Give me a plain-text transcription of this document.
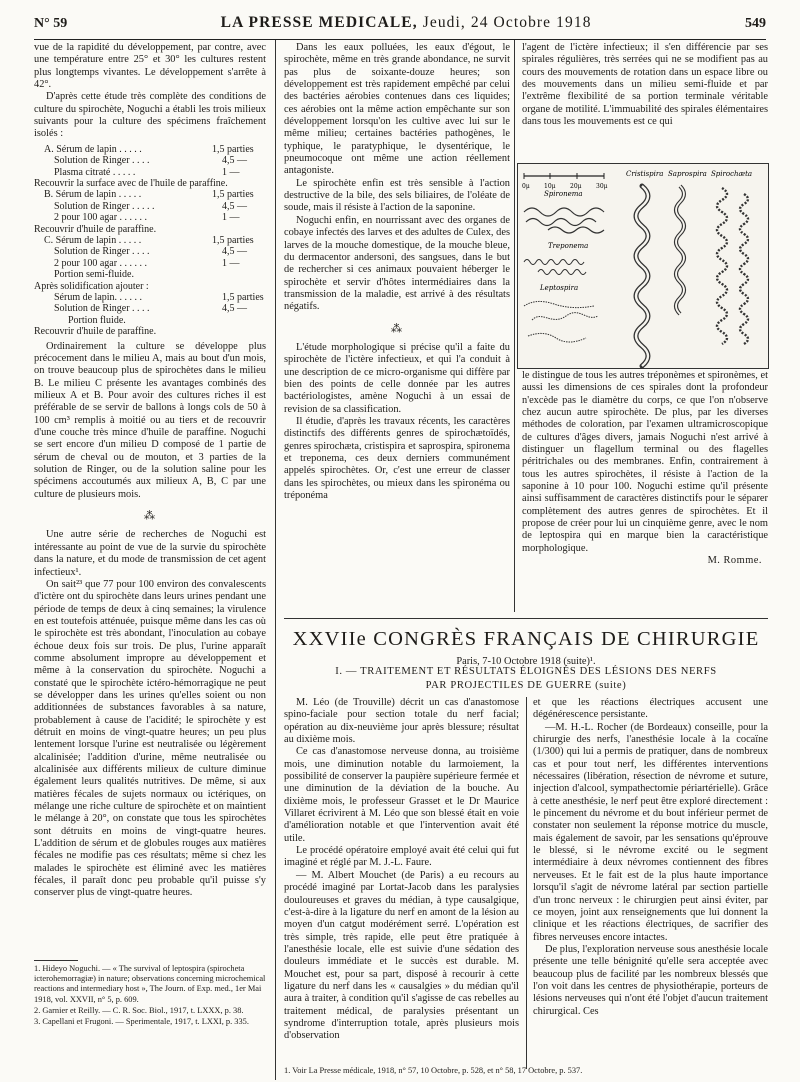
N° 59	LA PRESSE MEDICALE, Jeudi, 24 Octobre 1918	549

vue de la rapidité du développement, par contre, avec une température entre 25° et 30° les cultures restent plus longtemps vivantes. Le développement s'arrête à 42°.

D'après cette étude très complète des conditions de culture du spirochète, Noguchi a établi les trois milieux suivants pour la culture des spécimens fraîchement isolés :

A. Sérum de lapin . . . . .	1,5 parties
Solution de Ringer . . . .	4,5 —
Plasma citraté . . . . .	1 —
Recouvrir la surface avec de l'huile de paraffine.
B. Sérum de lapin . . . . .	1,5 parties
Solution de Ringer . . . . .	4,5 —
2 pour 100 agar . . . . . .	1 —
Recouvrir d'huile de paraffine.
C. Sérum de lapin . . . . .	1,5 parties
Solution de Ringer . . . .	4,5 —
2 pour 100 agar . . . . . .	1 —
Portion semi-fluide.
Après solidification ajouter :
Sérum de lapin. . . . . .	1,5 parties
Solution de Ringer . . . .	4,5 —
Portion fluide.
Recouvrir d'huile de paraffine.

Ordinairement la culture se développe plus précocement dans le milieu A, mais au bout d'un mois, on trouve beaucoup plus de spirochètes dans le milieu B. Le milieu C présente les avantages combinés des milieux A et B. Pour avoir des cultures riches il est préférable de se servir de ballons à longs cols de 50 à 100 cm³ remplis à moitié ou au tiers et de recouvrir d'une couche très mince d'huile de paraffine. Noguchi se sert encore d'un milieu D composé de 1 partie de sérum de cheval ou de mouton, et 3 parties de la solution de Ringer, ou de la solution saline pour les spécimens accoutumés aux milieux A, B, C par une culture de plusieurs mois.

⁂

Une autre série de recherches de Noguchi est intéressante au point de vue de la survie du spirochète dans la nature, et du mode de transmission de cet agent infectieux¹.

On sait²³ que 77 pour 100 environ des convalescents d'ictère ont du spirochète dans leurs urines pendant une période de temps de deux à cinq semaines; la virulence en est toutefois atténuée, puisque même dans les cas où le spirochète est très abondant, l'inoculation au cobaye échoue deux fois sur trois. De plus, l'urine apparaît comme absolument impropre au développement et même à la conservation du spirochète. Noguchi a constaté que le spirochète ictéro-hémorragique ne peut se développer dans les urines qu'elles soient ou non additionnées de substances favorables à sa nature, probablement à cause de l'acidité; le spirochète y est détruit en moins de vingt-quatre heures; un peu plus lentement lorsque l'urine est neutralisée ou légèrement alcalinisée; l'addition d'urine, même neutralisée ou alcalinisée aux différents milieux de culture diminue également leurs qualités nutritives. De même, si aux matières fécales de sujets normaux ou ictériques, on mélange une riche culture de spirochète et on maintient le mélange à 20°, on constate que tous les spirochètes sont détruits en moins de vingt-quatre heures. L'addition de sérum et de globules rouges aux matières fécales ne modifie pas ces résultats; même si chez les malades le spirochète est éliminé avec les matières fécales, il paraît donc peu probable qu'il puisse s'y conserver plus de vingt-quatre heures.

1. Hideyo Noguchi. — « The survival of leptospira (spirocheta icterohemorragiæ) in nature; observations concerning microchemical reactions and intermediary host », The Journ. of Exp. med., 1er Mai 1918, vol. XXVII, n° 5, p. 609.

2. Garnier et Reilly. — C. R. Soc. Biol., 1917, t. LXXX, p. 38.

3. Capellani et Frugoni. — Sperimentale, 1917, t. LXXI, p. 335.

Dans les eaux polluées, les eaux d'égout, le spirochète, même en très grande abondance, ne survit pas plus de soixante-douze heures; son développement est très rapidement empêché par celui des bactéries aérobies contenues dans ces liquides; ces aérobies ont la même action empêchante sur son développement lorsqu'on les cultive avec lui sur le même milieu; certaines bactéries pathogènes, le typhique, le paratyphique, le dysentérique, le pneumocoque ont même une action réellement antagoniste.

Le spirochète enfin est très sensible à l'action destructive de la bile, des sels biliaires, de l'oléate de soude, mais il résiste à l'action de la saponine.

Noguchi enfin, en nourrissant avec des organes de cobaye infectés des larves et des adultes de Culex, des larves de la mouche domestique, de la mouche bleue, du dermacentor andersoni, des sangsues, dans le but de rechercher si ces animaux pouvaient héberger le spirochète et servir d'hôtes intermédiaires dans la transmission de la maladie, est arrivé à des résultats négatifs.

⁂

L'étude morphologique si précise qu'il a faite du spirochète de l'ictère infectieux, et qui l'a conduit à une description de ce micro-organisme qui diffère par bien des points de celle donnée par les autres bactériologistes, amène Noguchi à un essai de revision de sa classification.

Il étudie, d'après les travaux récents, les caractères distinctifs des différents genres de spirochætoïdés, genres spirochæta, cristispira et saprospira, spironema et treponema, ces deux derniers communément appelés spirochètes. Or, c'est une erreur de classer dans les spirochètes, ou mieux dans les spironéma ou tréponéma

l'agent de l'ictère infectieux; il s'en différencie par ses spirales régulières, très serrées qui ne se modifient pas au cours des mouvements de rotation dans un espace libre ou des mouvements dans un milieu semi-fluide et par l'extrême flexibilité de sa portion terminale véritable organe de motilité. L'immuabilité des spirales élémentaires dans tous les mouvements est ce qui

0μ 10μ 20μ 30μ
Cristispira Saprospira Spirochæta
Spironema
Treponema
Leptospira

le distingue de tous les autres tréponèmes et spironèmes, et aussi les dimensions de ces spirales dont la profondeur n'excède pas le diamètre du corps, ce que l'on n'observe chez aucun autre spirochète. De plus, par les diverses méthodes de coloration, par l'examen ultramicroscopique de cultures d'âges divers, jamais Noguchi n'est arrivé à distinguer un flagellum terminal ou des flagelles péritrichales ou des membranes. Enfin, contrairement à tous les autres spirochètes, il résiste à l'action de la saponine à 10 pour 100. Noguchi estime qu'il présente ainsi suffisamment de caractères distinctifs pour le séparer complètement des autres genres de spirochètes. Et il propose de créer pour lui un cinquième genre, avec le nom de leptospira qui en marque bien la caractéristique morphologique.

M. Romme.

XXVIIe CONGRÈS FRANÇAIS DE CHIRURGIE
Paris, 7-10 Octobre 1918 (suite)¹.
I. — TRAITEMENT ET RÉSULTATS ÉLOIGNÉS DES LÉSIONS DES NERFS
PAR PROJECTILES DE GUERRE (suite)

M. Léo (de Trouville) décrit un cas d'anastomose spino-faciale pour section totale du nerf facial; opération au dix-neuvième jour après blessure; résultat au dixième mois.

Ce cas d'anastomose nerveuse donna, au troisième mois, une diminution notable du larmoiement, la possibilité de conserver la paupière supérieure fermée et une diminution de la déviation de la bouche. Au dixième mois, le professeur Grasset et le Dr Maurice Villaret écrivirent à M. Léo que son blessé était en voie d'amélioration notable et que l'intervention avait été utile.

Le procédé opératoire employé avait été celui qui fut imaginé et réglé par M. J.-L. Faure.

— M. Albert Mouchet (de Paris) a eu recours au procédé imaginé par Lortat-Jacob dans les paralysies douloureuses et graves du médian, à type causalgique, c'est-à-dire à la ligature du nerf en amont de la lésion au moyen d'un catgut modérément serré. L'opération est très simple, très rapide, elle peut être pratiquée à l'anesthésie locale, elle est suivie d'une sédation des douleurs immédiate et le succès est durable. M. Mouchet est, pour sa part, disposé à recourir à cette ligature du nerf dans les « causalgies » du médian qu'il aura à traiter, à condition qu'il s'agisse de cas rebelles au traitement médical, de paralysies présentant un syndrome d'interruption totale, après plusieurs mois d'observation

et que les réactions électriques accusent une dégénérescence persistante.

—M. H.-L. Rocher (de Bordeaux) conseille, pour la chirurgie des nerfs, l'anesthésie locale à la cocaïne (1/300) qui lui a permis de pratiquer, dans de nombreux cas et pour tout nerf, les différentes interventions nécessaires (libération, résection de névrome et suture, injection d'alcool, sympathectomie périartérielle). Grâce à cette anesthésie, le nerf peut être exploré directement : le pincement du névrome et du bout inférieur permet de constater non seulement la réponse motrice du muscle, mais également de savoir, par les sensations qu'éprouve le blessé, si le névrome excité ou le segment intermédiaire à deux névromes contiennent des fibres nerveuses. Et le fait est de la plus haute importance lorsqu'il s'agit de névrome latéral par section partielle d'un tronc nerveux : le chirurgien peut ainsi éviter, par ce moyen, joint aux renseignements que lui donnent la clinique et les réactions électriques, de sacrifier des fibres nerveuses encore intactes.

De plus, l'exploration nerveuse sous anesthésie locale présente une telle bénignité qu'elle sera acceptée avec beaucoup plus de facilité par les nombreux blessés que l'on voit dans les centres de physiothérapie, porteurs de lésions nerveuses qui n'ont été l'objet d'aucun traitement chirurgical. Ces

1. Voir La Presse médicale, 1918, n° 57, 10 Octobre, p. 528, et n° 58, 17 Octobre, p. 537.
